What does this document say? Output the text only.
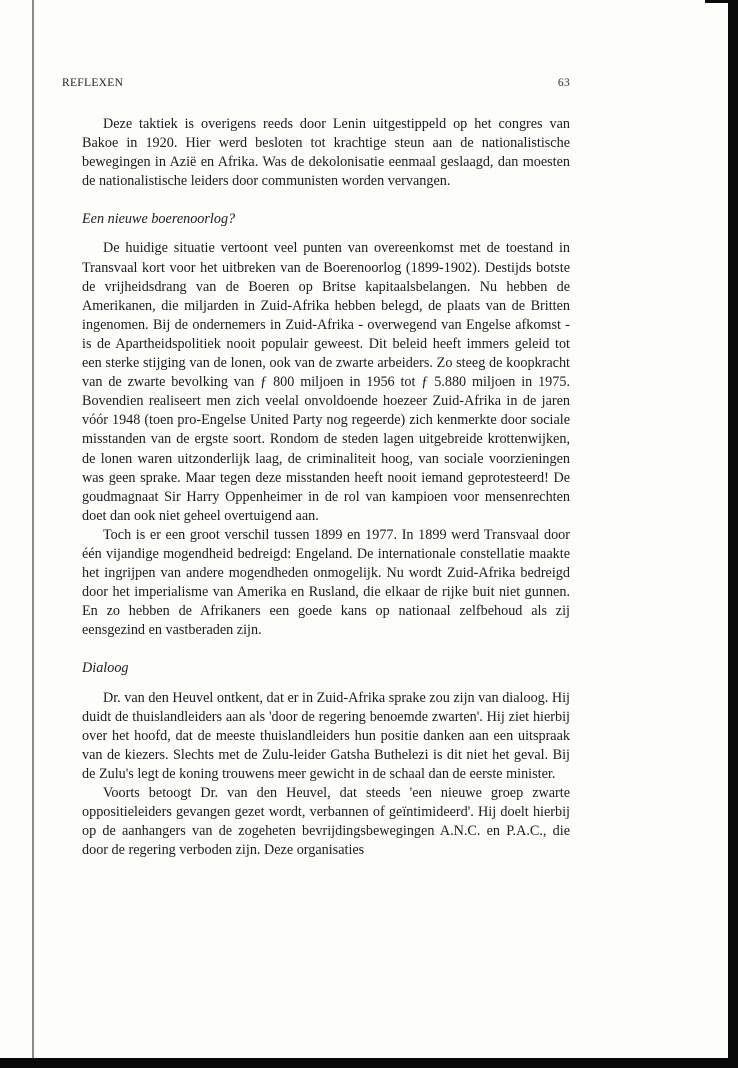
REFLEXEN	63

Deze taktiek is overigens reeds door Lenin uitgestippeld op het congres van Bakoe in 1920. Hier werd besloten tot krachtige steun aan de nationalistische bewegingen in Azië en Afrika. Was de dekolonisatie eenmaal geslaagd, dan moesten de nationalistische leiders door communisten worden vervangen.

Een nieuwe boerenoorlog?

De huidige situatie vertoont veel punten van overeenkomst met de toestand in Transvaal kort voor het uitbreken van de Boerenoorlog (1899-1902). Destijds botste de vrijheidsdrang van de Boeren op Britse kapitaalsbelangen. Nu hebben de Amerikanen, die miljarden in Zuid-Afrika hebben belegd, de plaats van de Britten ingenomen. Bij de ondernemers in Zuid-Afrika - overwegend van Engelse afkomst - is de Apartheidspolitiek nooit populair geweest. Dit beleid heeft immers geleid tot een sterke stijging van de lonen, ook van de zwarte arbeiders. Zo steeg de koopkracht van de zwarte bevolking van ƒ 800 miljoen in 1956 tot ƒ 5.880 miljoen in 1975. Bovendien realiseert men zich veelal onvoldoende hoezeer Zuid-Afrika in de jaren vóór 1948 (toen pro-Engelse United Party nog regeerde) zich kenmerkte door sociale misstanden van de ergste soort. Rondom de steden lagen uitgebreide krottenwijken, de lonen waren uitzonderlijk laag, de criminaliteit hoog, van sociale voorzieningen was geen sprake. Maar tegen deze misstanden heeft nooit iemand geprotesteerd! De goudmagnaat Sir Harry Oppenheimer in de rol van kampioen voor mensenrechten doet dan ook niet geheel overtuigend aan.

Toch is er een groot verschil tussen 1899 en 1977. In 1899 werd Transvaal door één vijandige mogendheid bedreigd: Engeland. De internationale constellatie maakte het ingrijpen van andere mogendheden onmogelijk. Nu wordt Zuid-Afrika bedreigd door het imperialisme van Amerika en Rusland, die elkaar de rijke buit niet gunnen. En zo hebben de Afrikaners een goede kans op nationaal zelfbehoud als zij eensgezind en vastberaden zijn.

Dialoog

Dr. van den Heuvel ontkent, dat er in Zuid-Afrika sprake zou zijn van dialoog. Hij duidt de thuislandleiders aan als 'door de regering benoemde zwarten'. Hij ziet hierbij over het hoofd, dat de meeste thuislandleiders hun positie danken aan een uitspraak van de kiezers. Slechts met de Zulu-leider Gatsha Buthelezi is dit niet het geval. Bij de Zulu's legt de koning trouwens meer gewicht in de schaal dan de eerste minister.

Voorts betoogt Dr. van den Heuvel, dat steeds 'een nieuwe groep zwarte oppositieleiders gevangen gezet wordt, verbannen of geïntimideerd'. Hij doelt hierbij op de aanhangers van de zogeheten bevrijdingsbewegingen A.N.C. en P.A.C., die door de regering verboden zijn. Deze organisaties
